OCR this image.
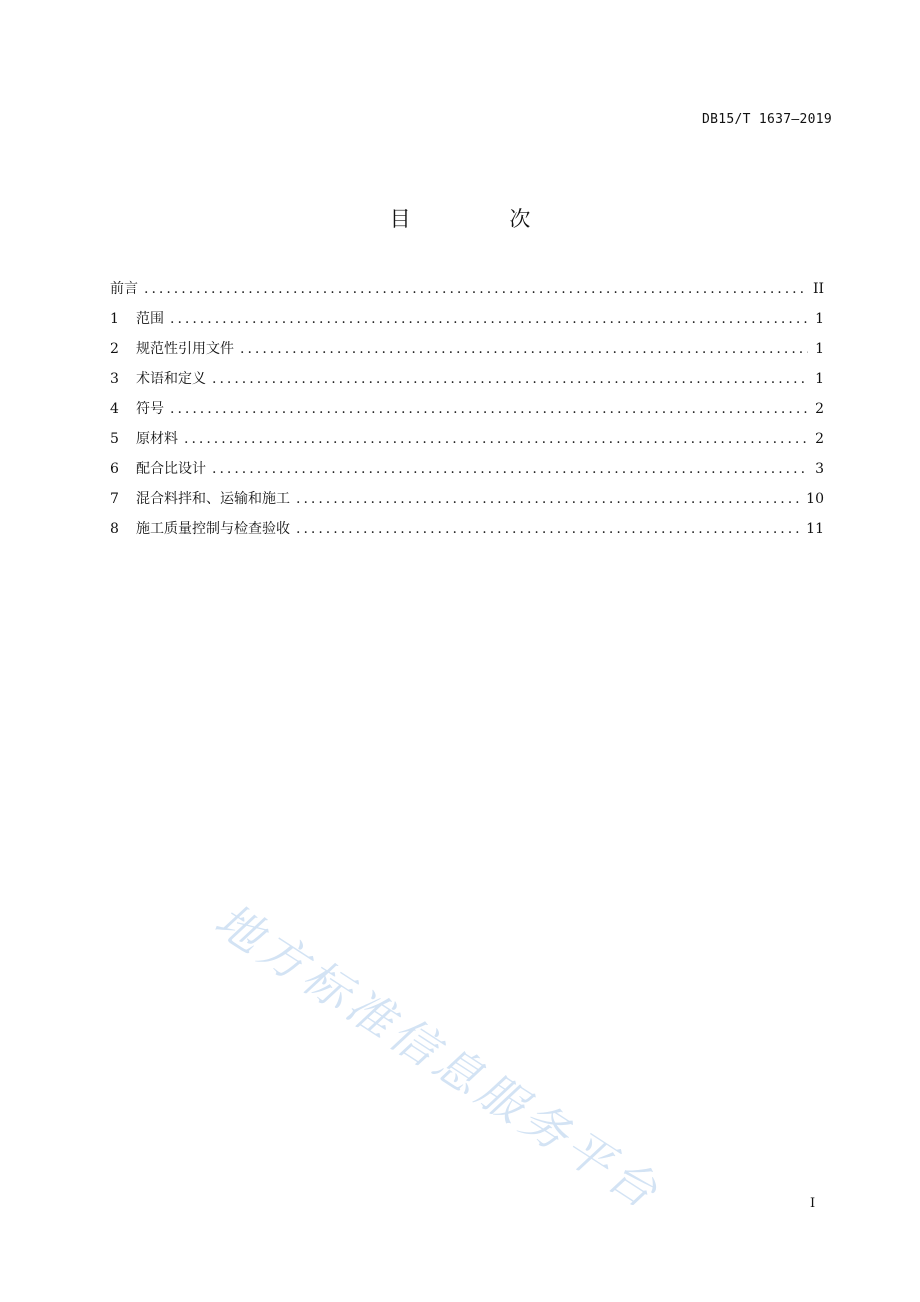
DB15/T 1637—2019
目 次
前言 .....	II
1	范围 .....	1
2	规范性引用文件 .....	1
3	术语和定义 .....	1
4	符号 .....	2
5	原材料 .....	2
6	配合比设计 .....	3
7	混合料拌和、运输和施工 .....	10
8	施工质量控制与检查验收 .....	11
地方标准信息服务平台	I
